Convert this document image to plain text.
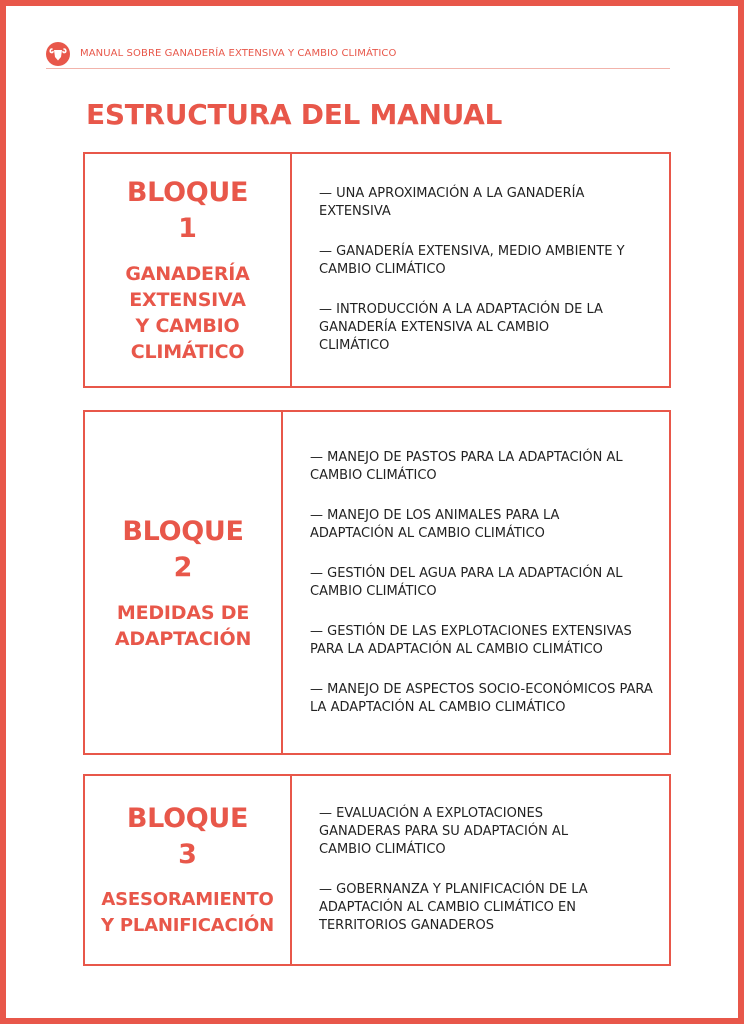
MANUAL SOBRE GANADERÍA EXTENSIVA Y CAMBIO CLIMÁTICO
ESTRUCTURA DEL MANUAL
BLOQUE
1
GANADERÍA EXTENSIVA Y CAMBIO CLIMÁTICO
— UNA APROXIMACIÓN A LA GANADERÍA EXTENSIVA
— GANADERÍA EXTENSIVA, MEDIO AMBIENTE Y CAMBIO CLIMÁTICO
— INTRODUCCIÓN A LA ADAPTACIÓN DE LA GANADERÍA EXTENSIVA AL CAMBIO CLIMÁTICO
BLOQUE
2
MEDIDAS DE ADAPTACIÓN
— MANEJO DE PASTOS PARA LA ADAPTACIÓN AL CAMBIO CLIMÁTICO
— MANEJO DE LOS ANIMALES PARA LA ADAPTACIÓN AL CAMBIO CLIMÁTICO
— GESTIÓN DEL AGUA PARA LA ADAPTACIÓN AL CAMBIO CLIMÁTICO
— GESTIÓN DE LAS EXPLOTACIONES EXTENSIVAS PARA LA ADAPTACIÓN AL CAMBIO CLIMÁTICO
— MANEJO DE ASPECTOS SOCIO-ECONÓMICOS PARA LA ADAPTACIÓN AL CAMBIO CLIMÁTICO
BLOQUE
3
ASESORAMIENTO Y PLANIFICACIÓN
— EVALUACIÓN A EXPLOTACIONES GANADERAS PARA SU ADAPTACIÓN AL CAMBIO CLIMÁTICO
— GOBERNANZA Y PLANIFICACIÓN DE LA ADAPTACIÓN AL CAMBIO CLIMÁTICO EN TERRITORIOS GANADEROS
